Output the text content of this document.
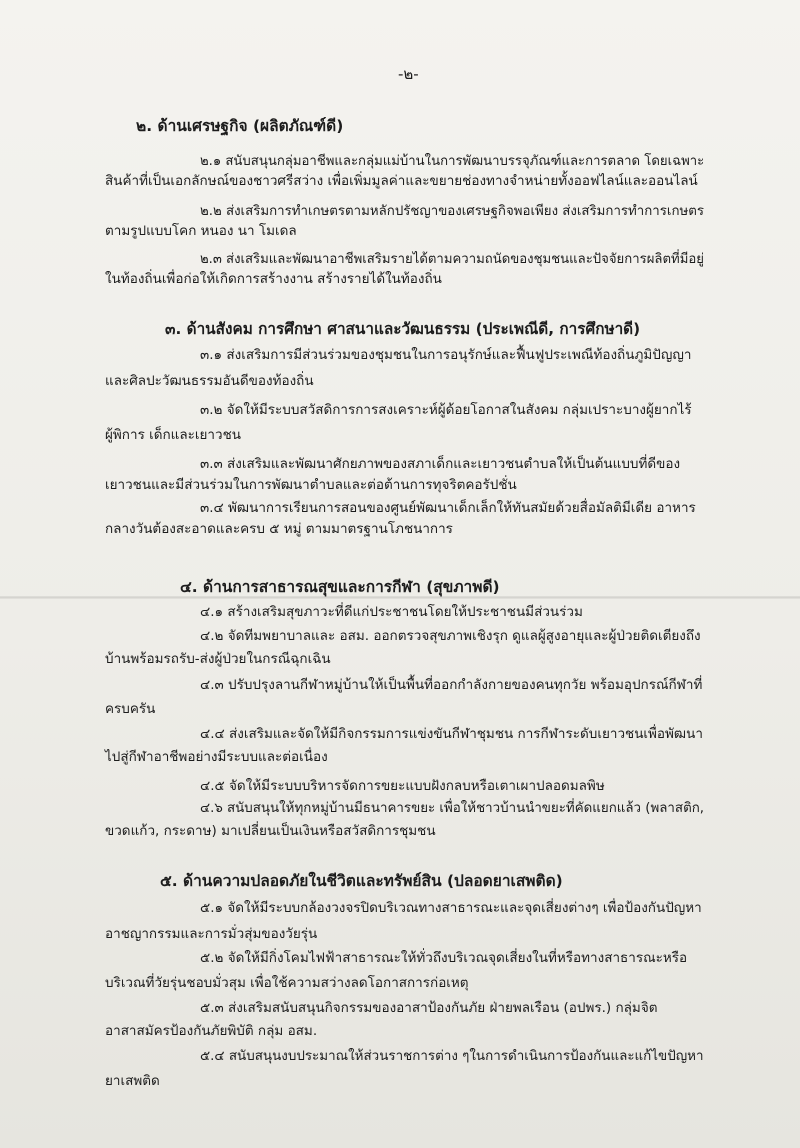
-๒-
๒. ด้านเศรษฐกิจ (ผลิตภัณฑ์ดี)
๒.๑ สนับสนุนกลุ่มอาชีพและกลุ่มแม่บ้านในการพัฒนาบรรจุภัณฑ์และการตลาด โดยเฉพาะ
สินค้าที่เป็นเอกลักษณ์ของชาวศรีสว่าง เพื่อเพิ่มมูลค่าและขยายช่องทางจำหน่ายทั้งออฟไลน์และออนไลน์
๒.๒ ส่งเสริมการทำเกษตรตามหลักปรัชญาของเศรษฐกิจพอเพียง ส่งเสริมการทำการเกษตร
ตามรูปแบบโคก หนอง นา โมเดล
๒.๓ ส่งเสริมและพัฒนาอาชีพเสริมรายได้ตามความถนัดของชุมชนและปัจจัยการผลิตที่มีอยู่
ในท้องถิ่นเพื่อก่อให้เกิดการสร้างงาน สร้างรายได้ในท้องถิ่น
๓. ด้านสังคม การศึกษา ศาสนาและวัฒนธรรม (ประเพณีดี, การศึกษาดี)
๓.๑ ส่งเสริมการมีส่วนร่วมของชุมชนในการอนุรักษ์และฟื้นฟูประเพณีท้องถิ่นภูมิปัญญา
และศิลปะวัฒนธรรมอันดีของท้องถิ่น
๓.๒ จัดให้มีระบบสวัสดิการการสงเคราะห์ผู้ด้อยโอกาสในสังคม กลุ่มเปราะบางผู้ยากไร้
ผู้พิการ เด็กและเยาวชน
๓.๓ ส่งเสริมและพัฒนาศักยภาพของสภาเด็กและเยาวชนตำบลให้เป็นต้นแบบที่ดีของ
เยาวชนและมีส่วนร่วมในการพัฒนาตำบลและต่อต้านการทุจริตคอรัปชั่น
๓.๔ พัฒนาการเรียนการสอนของศูนย์พัฒนาเด็กเล็กให้ทันสมัยด้วยสื่อมัลติมีเดีย อาหาร
กลางวันต้องสะอาดและครบ ๕ หมู่ ตามมาตรฐานโภชนาการ
๔. ด้านการสาธารณสุขและการกีฬา (สุขภาพดี)
๔.๑ สร้างเสริมสุขภาวะที่ดีแก่ประชาชนโดยให้ประชาชนมีส่วนร่วม
๔.๒ จัดทีมพยาบาลและ อสม. ออกตรวจสุขภาพเชิงรุก ดูแลผู้สูงอายุและผู้ป่วยติดเตียงถึง
บ้านพร้อมรถรับ-ส่งผู้ป่วยในกรณีฉุกเฉิน
๔.๓ ปรับปรุงลานกีฬาหมู่บ้านให้เป็นพื้นที่ออกกำลังกายของคนทุกวัย พร้อมอุปกรณ์กีฬาที่
ครบครัน
๔.๔ ส่งเสริมและจัดให้มีกิจกรรมการแข่งขันกีฬาชุมชน การกีฬาระดับเยาวชนเพื่อพัฒนา
ไปสู่กีฬาอาชีพอย่างมีระบบและต่อเนื่อง
๔.๕ จัดให้มีระบบบริหารจัดการขยะแบบฝังกลบหรือเตาเผาปลอดมลพิษ
๔.๖ สนับสนุนให้ทุกหมู่บ้านมีธนาคารขยะ เพื่อให้ชาวบ้านนำขยะที่คัดแยกแล้ว (พลาสติก,
ขวดแก้ว, กระดาษ) มาเปลี่ยนเป็นเงินหรือสวัสดิการชุมชน
๕. ด้านความปลอดภัยในชีวิตและทรัพย์สิน (ปลอดยาเสพติด)
๕.๑ จัดให้มีระบบกล้องวงจรปิดบริเวณทางสาธารณะและจุดเสี่ยงต่างๆ เพื่อป้องกันปัญหา
อาชญากรรมและการมั่วสุ่มของวัยรุ่น
๕.๒ จัดให้มีกิ่งโคมไฟฟ้าสาธารณะให้ทั่วถึงบริเวณจุดเสี่ยงในที่หรือทางสาธารณะหรือ
บริเวณที่วัยรุ่นชอบมั่วสุม เพื่อใช้ความสว่างลดโอกาสการก่อเหตุ
๕.๓ ส่งเสริมสนับสนุนกิจกรรมของอาสาป้องกันภัย ฝ่ายพลเรือน (อปพร.) กลุ่มจิต
อาสาสมัครป้องกันภัยพิบัติ กลุ่ม อสม.
๕.๔ สนับสนุนงบประมาณให้ส่วนราชการต่าง ๆในการดำเนินการป้องกันและแก้ไขปัญหา
ยาเสพติด
